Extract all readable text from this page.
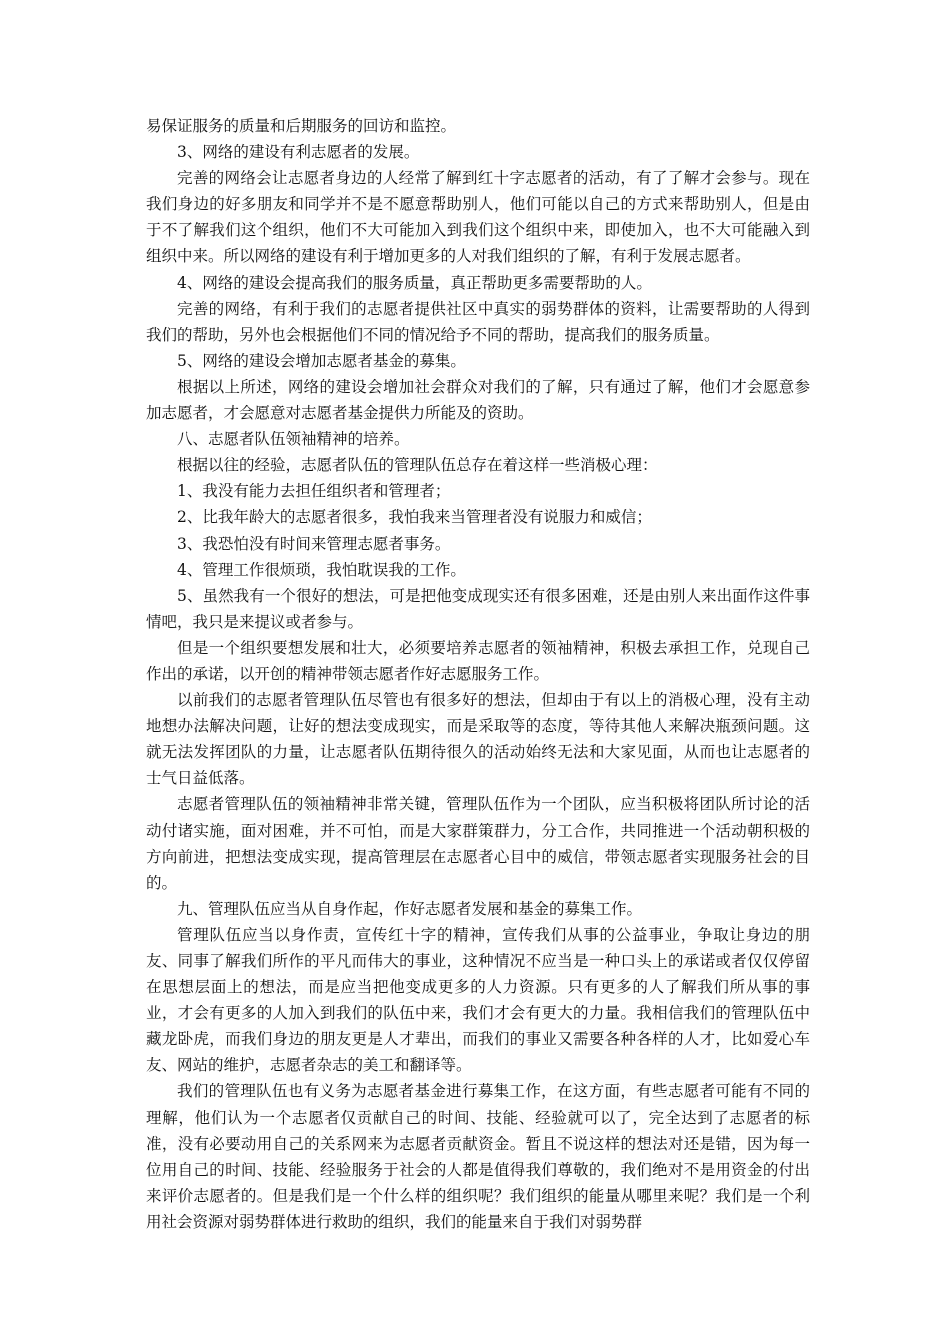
易保证服务的质量和后期服务的回访和监控。

3、网络的建设有利志愿者的发展。

完善的网络会让志愿者身边的人经常了解到红十字志愿者的活动，有了了解才会参与。现在我们身边的好多朋友和同学并不是不愿意帮助别人，他们可能以自己的方式来帮助别人，但是由于不了解我们这个组织，他们不大可能加入到我们这个组织中来，即使加入，也不大可能融入到组织中来。所以网络的建设有利于增加更多的人对我们组织的了解，有利于发展志愿者。

4、网络的建设会提高我们的服务质量，真正帮助更多需要帮助的人。

完善的网络，有利于我们的志愿者提供社区中真实的弱势群体的资料，让需要帮助的人得到我们的帮助，另外也会根据他们不同的情况给予不同的帮助，提高我们的服务质量。

5、网络的建设会增加志愿者基金的募集。

根据以上所述，网络的建设会增加社会群众对我们的了解，只有通过了解，他们才会愿意参加志愿者，才会愿意对志愿者基金提供力所能及的资助。

八、志愿者队伍领袖精神的培养。

根据以往的经验，志愿者队伍的管理队伍总存在着这样一些消极心理：

1、我没有能力去担任组织者和管理者；

2、比我年龄大的志愿者很多，我怕我来当管理者没有说服力和威信；

3、我恐怕没有时间来管理志愿者事务。

4、管理工作很烦琐，我怕耽误我的工作。

5、虽然我有一个很好的想法，可是把他变成现实还有很多困难，还是由别人来出面作这件事情吧，我只是来提议或者参与。

但是一个组织要想发展和壮大，必须要培养志愿者的领袖精神，积极去承担工作，兑现自己作出的承诺，以开创的精神带领志愿者作好志愿服务工作。

以前我们的志愿者管理队伍尽管也有很多好的想法，但却由于有以上的消极心理，没有主动地想办法解决问题，让好的想法变成现实，而是采取等的态度，等待其他人来解决瓶颈问题。这就无法发挥团队的力量，让志愿者队伍期待很久的活动始终无法和大家见面，从而也让志愿者的士气日益低落。

志愿者管理队伍的领袖精神非常关键，管理队伍作为一个团队，应当积极将团队所讨论的活动付诸实施，面对困难，并不可怕，而是大家群策群力，分工合作，共同推进一个活动朝积极的方向前进，把想法变成实现，提高管理层在志愿者心目中的威信，带领志愿者实现服务社会的目的。

九、管理队伍应当从自身作起，作好志愿者发展和基金的募集工作。

管理队伍应当以身作责，宣传红十字的精神，宣传我们从事的公益事业，争取让身边的朋友、同事了解我们所作的平凡而伟大的事业，这种情况不应当是一种口头上的承诺或者仅仅停留在思想层面上的想法，而是应当把他变成更多的人力资源。只有更多的人了解我们所从事的事业，才会有更多的人加入到我们的队伍中来，我们才会有更大的力量。我相信我们的管理队伍中藏龙卧虎，而我们身边的朋友更是人才辈出，而我们的事业又需要各种各样的人才，比如爱心车友、网站的维护，志愿者杂志的美工和翻译等。

我们的管理队伍也有义务为志愿者基金进行募集工作，在这方面，有些志愿者可能有不同的理解，他们认为一个志愿者仅贡献自己的时间、技能、经验就可以了，完全达到了志愿者的标准，没有必要动用自己的关系网来为志愿者贡献资金。暂且不说这样的想法对还是错，因为每一位用自己的时间、技能、经验服务于社会的人都是值得我们尊敬的，我们绝对不是用资金的付出来评价志愿者的。但是我们是一个什么样的组织呢？我们组织的能量从哪里来呢？我们是一个利用社会资源对弱势群体进行救助的组织，我们的能量来自于我们对弱势群
